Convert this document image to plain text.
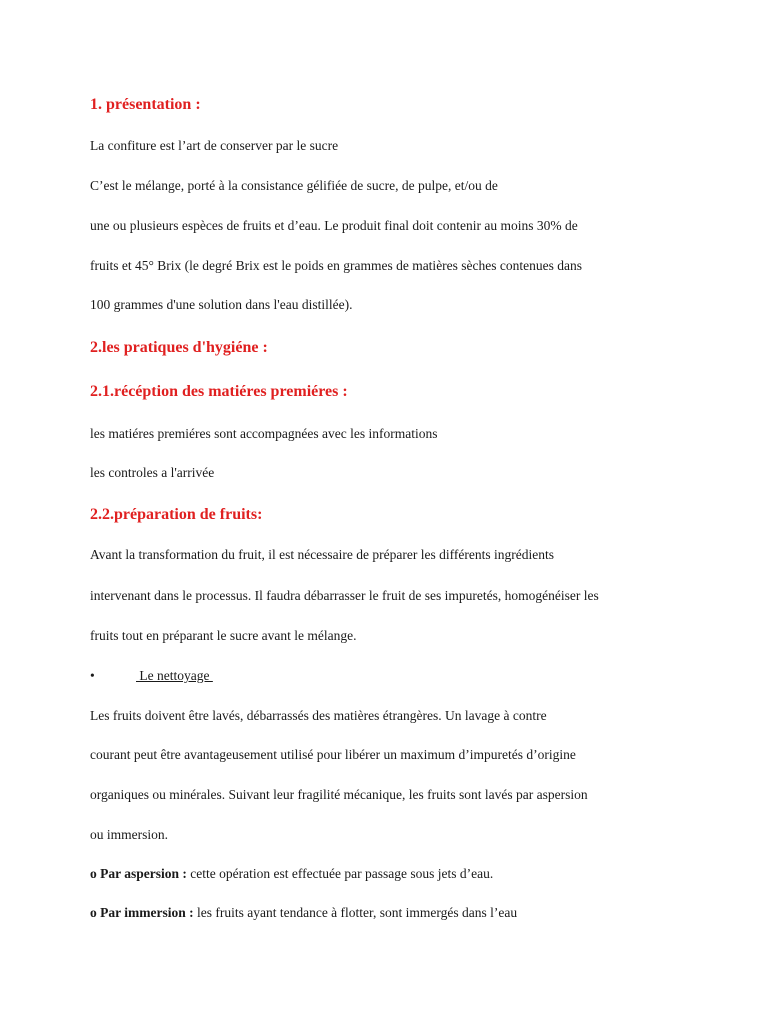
1. présentation :
La confiture est l’art de conserver par le sucre
C’est le mélange, porté à la consistance gélifiée de sucre, de pulpe, et/ou de
une ou plusieurs espèces de fruits et d’eau. Le produit final doit contenir au moins 30% de
fruits et 45° Brix (le degré Brix est le poids en grammes de matières sèches contenues dans
100 grammes d'une solution dans l'eau distillée).
2.les pratiques d'hygiéne :
2.1.récéption des matiéres premiéres :
les matiéres premiéres sont accompagnées avec les informations
les controles a l'arrivée
2.2.préparation de fruits:
Avant la transformation du fruit, il est nécessaire de préparer les différents ingrédients
intervenant dans le processus. Il faudra débarrasser le fruit de ses impuretés, homogénéiser les
fruits tout en préparant le sucre avant le mélange.
•	Le nettoyage
Les fruits doivent être lavés, débarrassés des matières étrangères. Un lavage à contre
courant peut être avantageusement utilisé pour libérer un maximum d’impuretés d’origine
organiques ou minérales. Suivant leur fragilité mécanique, les fruits sont lavés par aspersion
ou immersion.
o Par aspersion : cette opération est effectuée par passage sous jets d’eau.
o Par immersion : les fruits ayant tendance à flotter, sont immergés dans l’eau
